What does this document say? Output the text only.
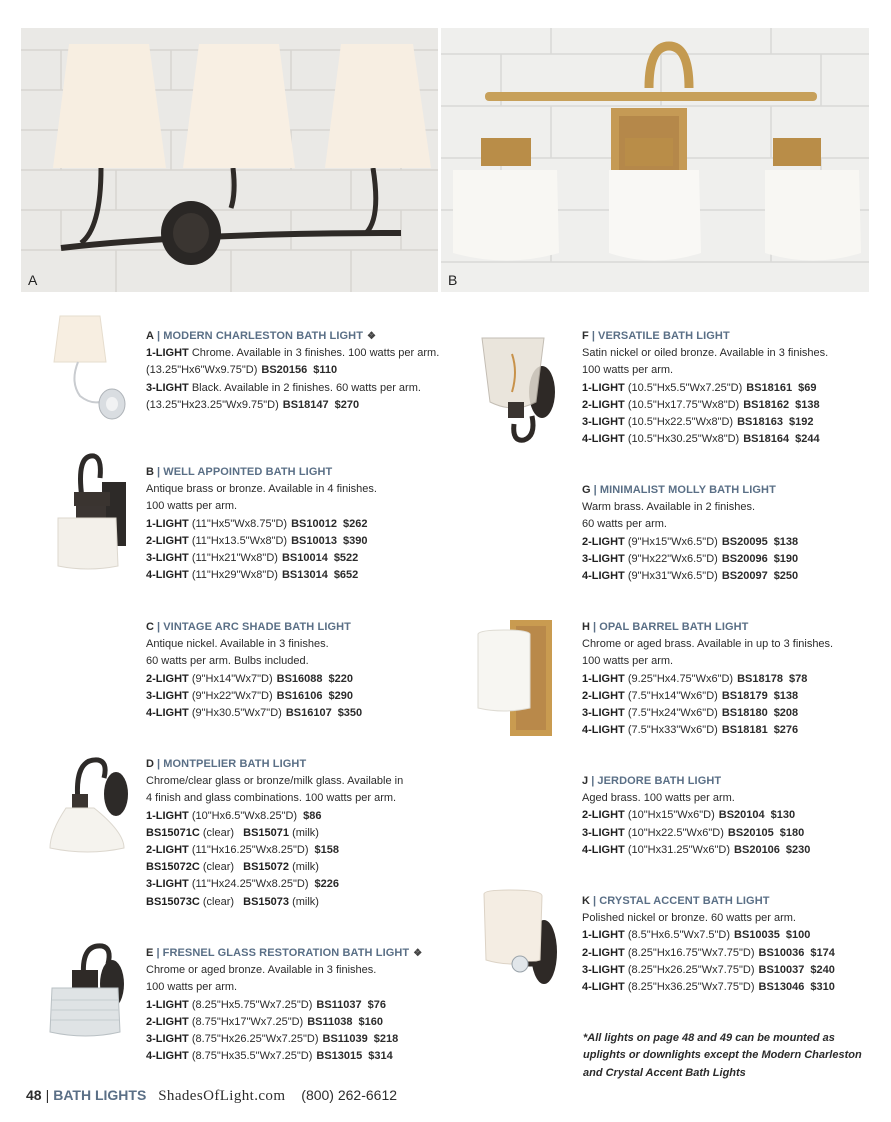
A	B
A | MODERN CHARLESTON BATH LIGHT ❖
1-LIGHT Chrome. Available in 3 finishes. 100 watts per arm.
(13.25"Hx6"Wx9.75"D) BS20156 $110
3-LIGHT Black. Available in 2 finishes. 60 watts per arm.
(13.25"Hx23.25"Wx9.75"D) BS18147 $270
B | WELL APPOINTED BATH LIGHT
Antique brass or bronze. Available in 4 finishes.
100 watts per arm.
1-LIGHT (11"Hx5"Wx8.75"D) BS10012 $262
2-LIGHT (11"Hx13.5"Wx8"D) BS10013 $390
3-LIGHT (11"Hx21"Wx8"D) BS10014 $522
4-LIGHT (11"Hx29"Wx8"D) BS13014 $652
C | VINTAGE ARC SHADE BATH LIGHT
Antique nickel. Available in 3 finishes.
60 watts per arm. Bulbs included.
2-LIGHT (9"Hx14"Wx7"D) BS16088 $220
3-LIGHT (9"Hx22"Wx7"D) BS16106 $290
4-LIGHT (9"Hx30.5"Wx7"D) BS16107 $350
D | MONTPELIER BATH LIGHT
Chrome/clear glass or bronze/milk glass. Available in
4 finish and glass combinations. 100 watts per arm.
1-LIGHT (10"Hx6.5"Wx8.25"D) $86
BS15071C (clear) BS15071 (milk)
2-LIGHT (11"Hx16.25"Wx8.25"D) $158
BS15072C (clear) BS15072 (milk)
3-LIGHT (11"Hx24.25"Wx8.25"D) $226
BS15073C (clear) BS15073 (milk)
E | FRESNEL GLASS RESTORATION BATH LIGHT ❖
Chrome or aged bronze. Available in 3 finishes.
100 watts per arm.
1-LIGHT (8.25"Hx5.75"Wx7.25"D) BS11037 $76
2-LIGHT (8.75"Hx17"Wx7.25"D) BS11038 $160
3-LIGHT (8.75"Hx26.25"Wx7.25"D) BS11039 $218
4-LIGHT (8.75"Hx35.5"Wx7.25"D) BS13015 $314
F | VERSATILE BATH LIGHT
Satin nickel or oiled bronze. Available in 3 finishes.
100 watts per arm.
1-LIGHT (10.5"Hx5.5"Wx7.25"D) BS18161 $69
2-LIGHT (10.5"Hx17.75"Wx8"D) BS18162 $138
3-LIGHT (10.5"Hx22.5"Wx8"D) BS18163 $192
4-LIGHT (10.5"Hx30.25"Wx8"D) BS18164 $244
G | MINIMALIST MOLLY BATH LIGHT
Warm brass. Available in 2 finishes.
60 watts per arm.
2-LIGHT (9"Hx15"Wx6.5"D) BS20095 $138
3-LIGHT (9"Hx22"Wx6.5"D) BS20096 $190
4-LIGHT (9"Hx31"Wx6.5"D) BS20097 $250
H | OPAL BARREL BATH LIGHT
Chrome or aged brass. Available in up to 3 finishes.
100 watts per arm.
1-LIGHT (9.25"Hx4.75"Wx6"D) BS18178 $78
2-LIGHT (7.5"Hx14"Wx6"D) BS18179 $138
3-LIGHT (7.5"Hx24"Wx6"D) BS18180 $208
4-LIGHT (7.5"Hx33"Wx6"D) BS18181 $276
J | JERDORE BATH LIGHT
Aged brass. 100 watts per arm.
2-LIGHT (10"Hx15"Wx6"D) BS20104 $130
3-LIGHT (10"Hx22.5"Wx6"D) BS20105 $180
4-LIGHT (10"Hx31.25"Wx6"D) BS20106 $230
K | CRYSTAL ACCENT BATH LIGHT
Polished nickel or bronze. 60 watts per arm.
1-LIGHT (8.5"Hx6.5"Wx7.5"D) BS10035 $100
2-LIGHT (8.25"Hx16.75"Wx7.75"D) BS10036 $174
3-LIGHT (8.25"Hx26.25"Wx7.75"D) BS10037 $240
4-LIGHT (8.25"Hx36.25"Wx7.75"D) BS13046 $310
*All lights on page 48 and 49 can be mounted as uplights or downlights except the Modern Charleston and Crystal Accent Bath Lights
48 | BATH LIGHTS ShadesOfLight.com (800) 262-6612
